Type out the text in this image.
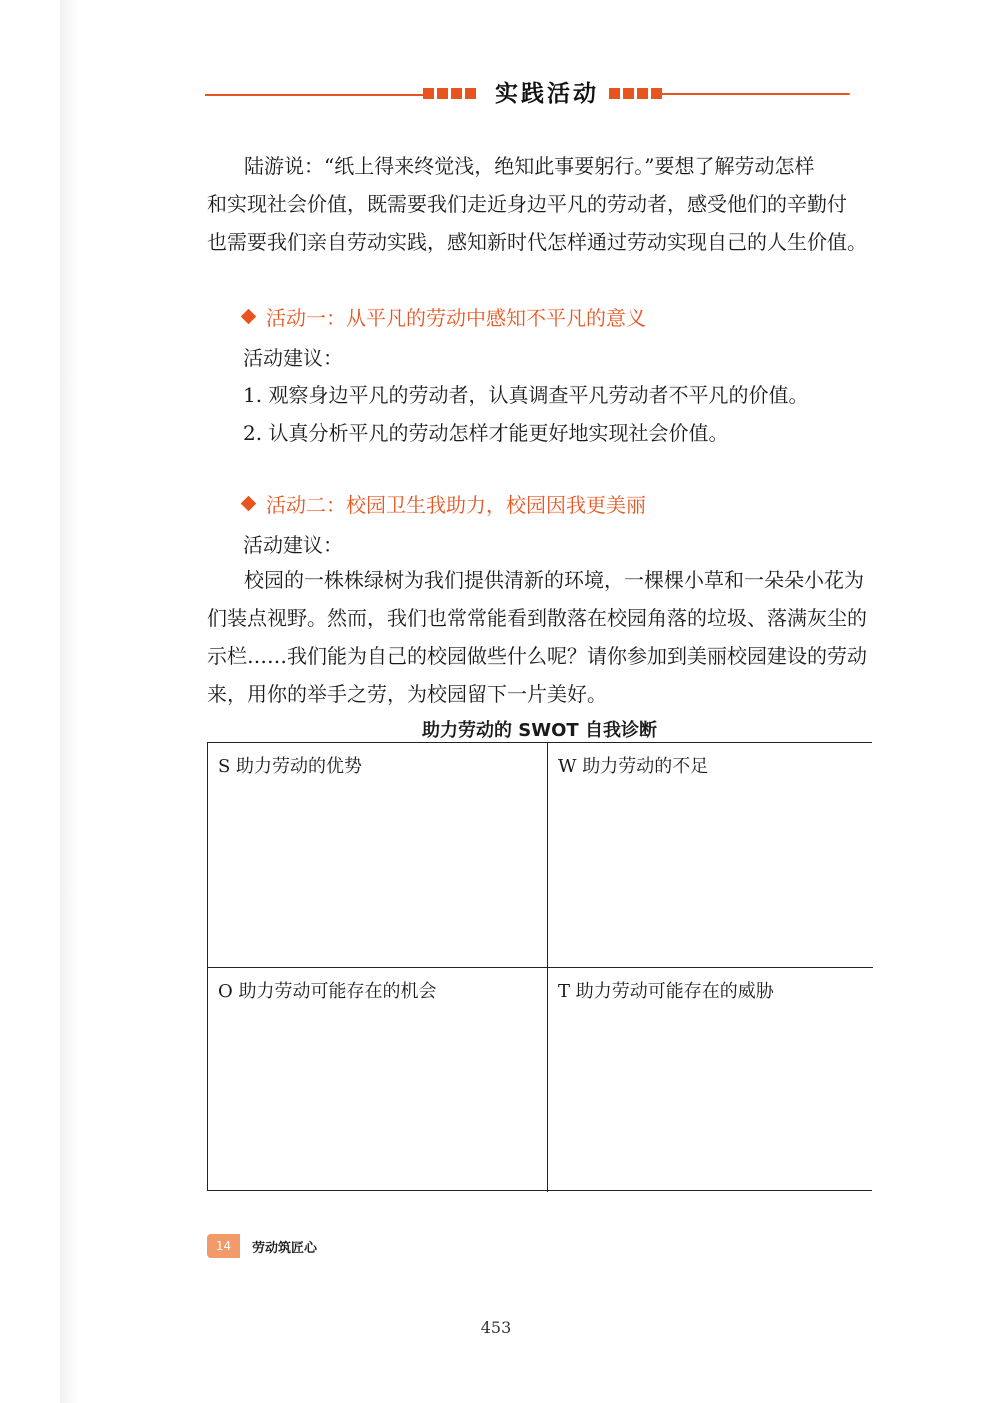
实践活动

陆游说：“纸上得来终觉浅，绝知此事要躬行。”要想了解劳动怎样

和实现社会价值，既需要我们走近身边平凡的劳动者，感受他们的辛勤付

也需要我们亲自劳动实践，感知新时代怎样通过劳动实现自己的人生价值。

活动一：从平凡的劳动中感知不平凡的意义
活动建议：
1. 观察身边平凡的劳动者，认真调查平凡劳动者不平凡的价值。
2. 认真分析平凡的劳动怎样才能更好地实现社会价值。
活动二：校园卫生我助力，校园因我更美丽
活动建议：

校园的一株株绿树为我们提供清新的环境，一棵棵小草和一朵朵小花为

们装点视野。然而，我们也常常能看到散落在校园角落的垃圾、落满灰尘的

示栏……我们能为自己的校园做些什么呢？请你参加到美丽校园建设的劳动

来，用你的举手之劳，为校园留下一片美好。

助力劳动的 SWOT 自我诊断
S 助力劳动的优势	W 助力劳动的不足
O 助力劳动可能存在的机会	T 助力劳动可能存在的威胁
14	劳动筑匠心
453
